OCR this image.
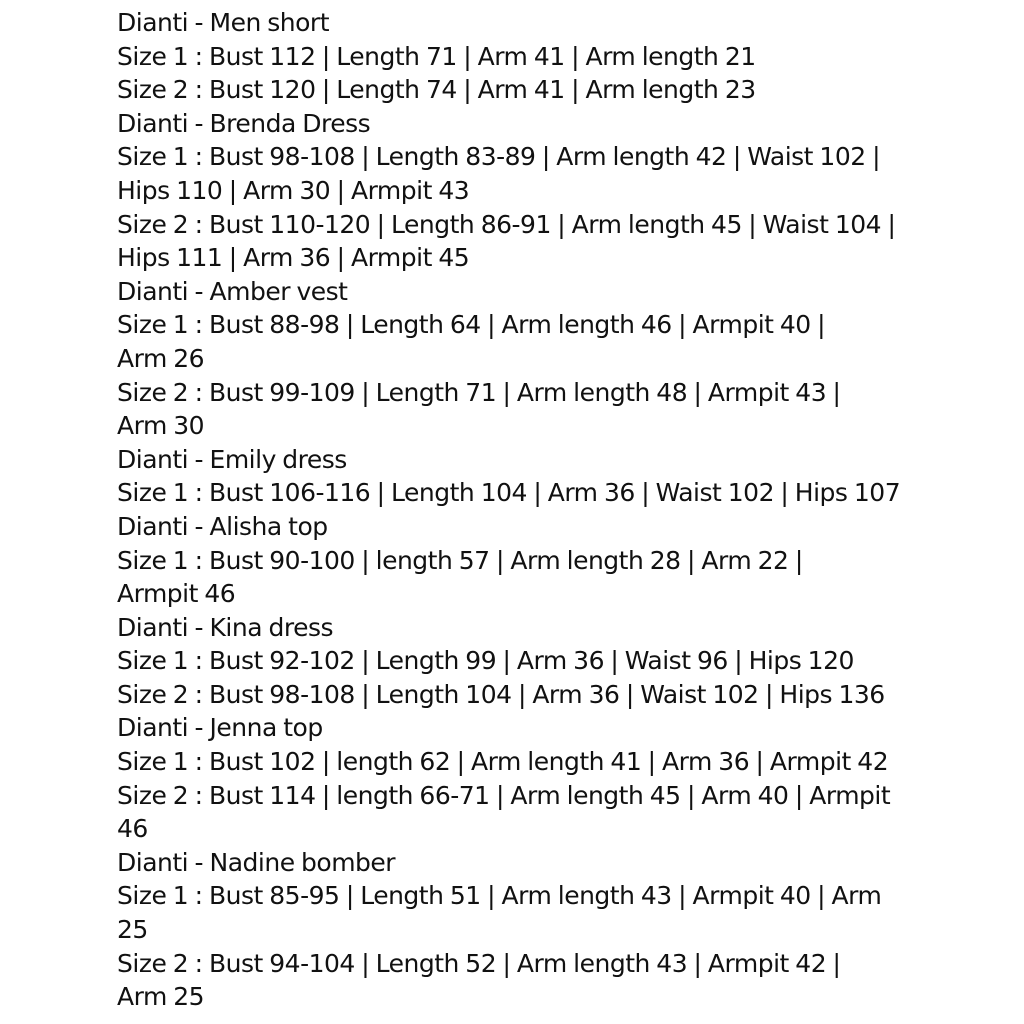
Dianti - Men short
Size 1 : Bust 112 | Length 71 | Arm 41 | Arm length 21
Size 2 : Bust 120 | Length 74 | Arm 41 | Arm length 23
Dianti - Brenda Dress
Size 1 : Bust 98-108 | Length 83-89 | Arm length 42 | Waist 102 |
Hips 110 | Arm 30 | Armpit 43
Size 2 : Bust 110-120 | Length 86-91 | Arm length 45 | Waist 104 |
Hips 111 | Arm 36 | Armpit 45
Dianti - Amber vest
Size 1 : Bust 88-98 | Length 64 | Arm length 46 | Armpit 40 |
Arm 26
Size 2 : Bust 99-109 | Length 71 | Arm length 48 | Armpit 43 |
Arm 30
Dianti - Emily dress
Size 1 : Bust 106-116 | Length 104 | Arm 36 | Waist 102 | Hips 107
Dianti - Alisha top
Size 1 : Bust 90-100 | length 57 | Arm length 28 | Arm 22 |
Armpit 46
Dianti - Kina dress
Size 1 : Bust 92-102 | Length 99 | Arm 36 | Waist 96 | Hips 120
Size 2 : Bust 98-108 | Length 104 | Arm 36 | Waist 102 | Hips 136
Dianti - Jenna top
Size 1 : Bust 102 | length 62 | Arm length 41 | Arm 36 | Armpit 42
Size 2 : Bust 114 | length 66-71 | Arm length 45 | Arm 40 | Armpit
46
Dianti - Nadine bomber
Size 1 : Bust 85-95 | Length 51 | Arm length 43 | Armpit 40 | Arm
25
Size 2 : Bust 94-104 | Length 52 | Arm length 43 | Armpit 42 |
Arm 25
